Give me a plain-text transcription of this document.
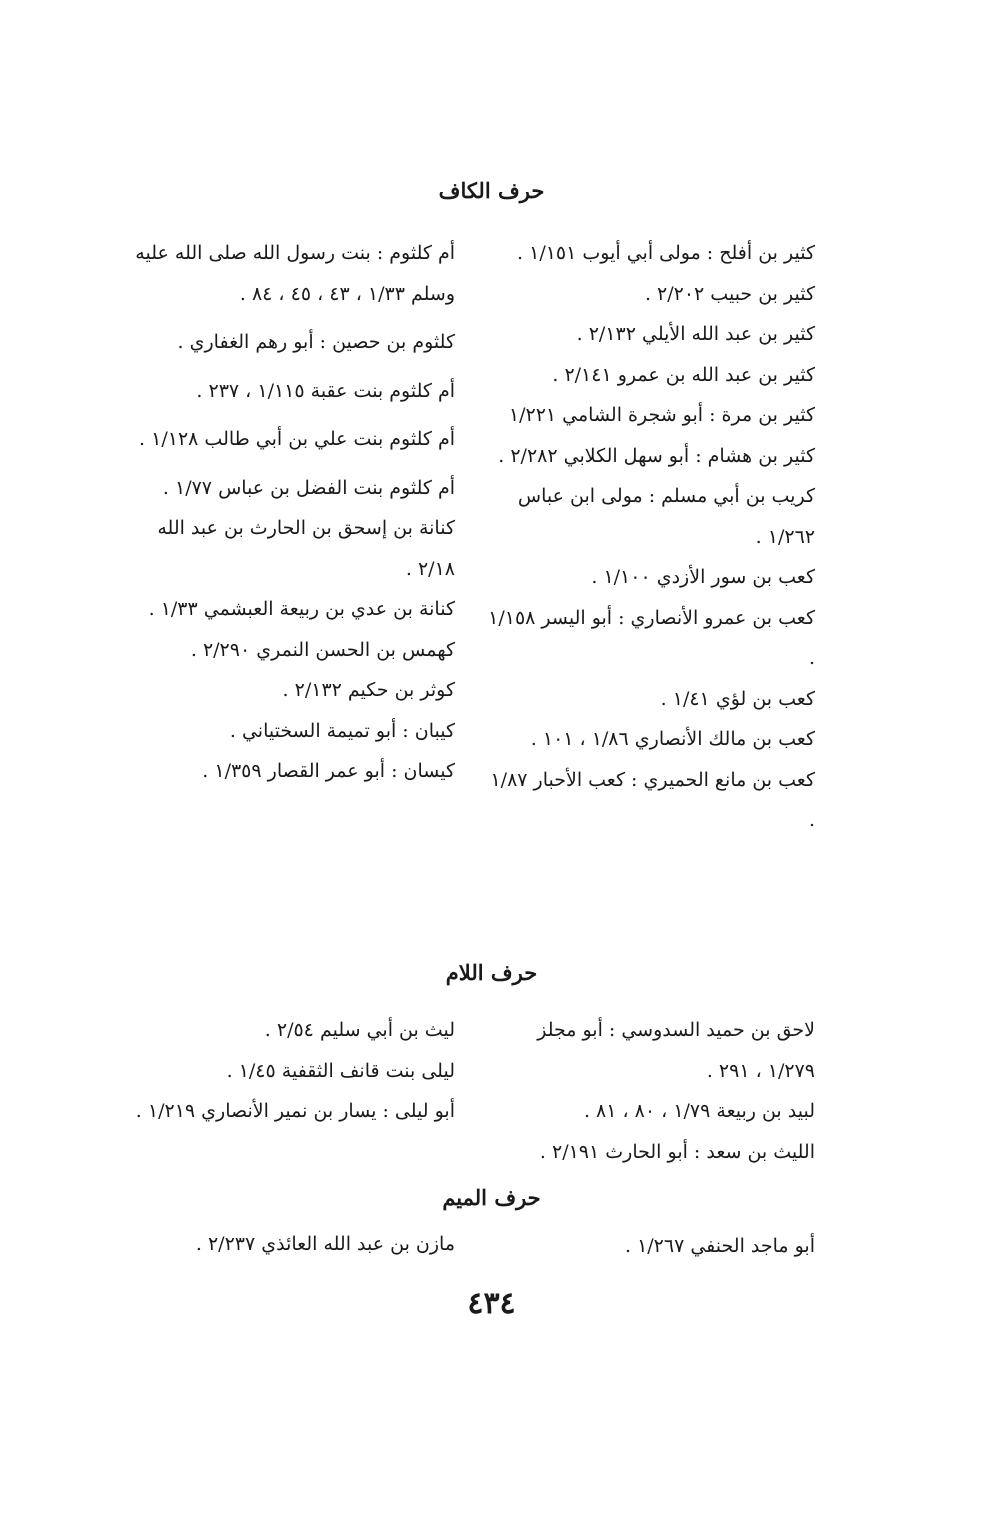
حرف الكاف

كثير بن أفلح : مولى أبي أيوب ١/١٥١ .

كثير بن حبيب ٢/٢٠٢ .

كثير بن عبد الله الأيلي ٢/١٣٢ .

كثير بن عبد الله بن عمرو ٢/١٤١ .

كثير بن مرة : أبو شجرة الشامي ١/٢٢١

كثير بن هشام : أبو سهل الكلابي ٢/٢٨٢ .

كريب بن أبي مسلم : مولى ابن عباس ١/٢٦٢ .

كعب بن سور الأزدي ١/١٠٠ .

كعب بن عمرو الأنصاري : أبو اليسر ١/١٥٨ .

كعب بن لؤي ١/٤١ .

كعب بن مالك الأنصاري ١/٨٦ ، ١٠١ .

كعب بن مانع الحميري : كعب الأحبار ١/٨٧ .

أم كلثوم : بنت رسول الله صلى الله عليه وسلم ١/٣٣ ، ٤٣ ، ٤٥ ، ٨٤ .

كلثوم بن حصين : أبو رهم الغفاري .

أم كلثوم بنت عقبة ١/١١٥ ، ٢٣٧ .

أم كلثوم بنت علي بن أبي طالب ١/١٢٨ .

أم كلثوم بنت الفضل بن عباس ١/٧٧ .

كنانة بن إسحق بن الحارث بن عبد الله ٢/١٨ .

كنانة بن عدي بن ربيعة العبشمي ١/٣٣ .

كهمس بن الحسن النمري ٢/٢٩٠ .

كوثر بن حكيم ٢/١٣٢ .

كيبان : أبو تميمة السختياني .

كيسان : أبو عمر القصار ١/٣٥٩ .

حرف اللام

لاحق بن حميد السدوسي : أبو مجلز ١/٢٧٩ ، ٢٩١ .

لبيد بن ربيعة ١/٧٩ ، ٨٠ ، ٨١ .

الليث بن سعد : أبو الحارث ٢/١٩١ .

ليث بن أبي سليم ٢/٥٤ .

ليلى بنت قانف الثقفية ١/٤٥ .

أبو ليلى : يسار بن نمير الأنصاري ١/٢١٩ .

حرف الميم

أبو ماجد الحنفي ١/٢٦٧ .

مازن بن عبد الله العائذي ٢/٢٣٧ .

٤٣٤
